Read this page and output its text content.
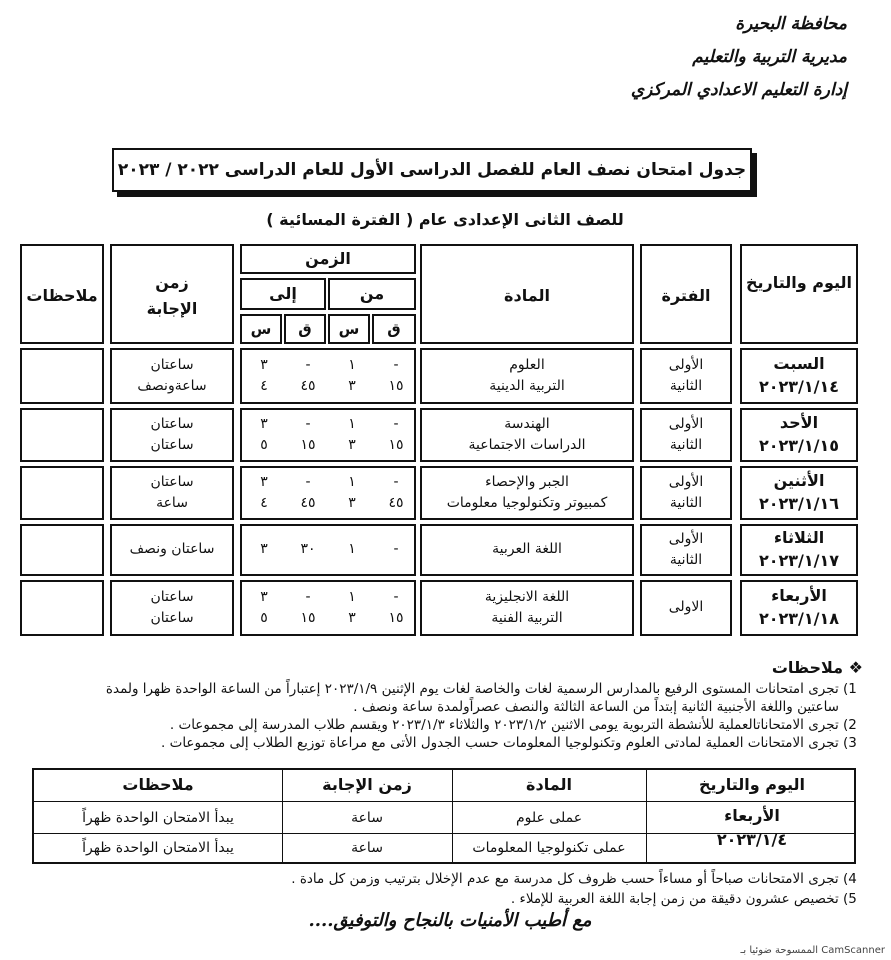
محافظة البحيرة
مديرية التربية والتعليم
إدارة التعليم الاعدادي المركزي
جدول امتحان نصف العام للفصل الدراسى الأول للعام الدراسى ٢٠٢٢ / ٢٠٢٣
للصف الثانى الإعدادى عام ( الفترة المسائية )
اليوم والتاريخ
الفترة
المادة
الزمن
من
إلى
ق
س
ق
س
زمن الإجابة
ملاحظات
السبت
٢٠٢٣/١/١٤
الأولى
الثانية
العلوم
التربية الدينية
-
١
-
٣
١٥
٣
٤٥
٤
ساعتان
ساعةونصف
الأحد
٢٠٢٣/١/١٥
الأولى
الثانية
الهندسة
الدراسات الاجتماعية
-
١
-
٣
١٥
٣
١٥
٥
ساعتان
ساعتان
الأثنين
٢٠٢٣/١/١٦
الأولى
الثانية
الجبر والإحصاء
كمبيوتر وتكنولوجيا معلومات
-
١
-
٣
٤٥
٣
٤٥
٤
ساعتان
ساعة
الثلاثاء
٢٠٢٣/١/١٧
الأولى
الثانية
اللغة العربية
-
١
٣٠
٣
ساعتان ونصف
الأربعاء
٢٠٢٣/١/١٨
الاولى
اللغة الانجليزية
التربية الفنية
-
١
-
٣
١٥
٣
١٥
٥
ساعتان
ساعتان
❖ ملاحظات
1) تجرى امتحانات المستوى الرفيع بالمدارس الرسمية لغات والخاصة لغات يوم الإثنين ٢٠٢٣/١/٩ إعتباراً من الساعة الواحدة ظهرا ولمدة
ساعتين واللغة الأجنبية الثانية إبتداً من الساعة الثالثة والنصف عصراًولمدة ساعة ونصف .
2) تجرى الامتحاناتالعملية للأنشطة التربوية يومى الاثنين ٢٠٢٣/١/٢ والثلاثاء ٢٠٢٣/١/٣ ويقسم طلاب المدرسة إلى مجموعات .
3) تجرى الامتحانات العملية لمادتى العلوم وتكنولوجيا المعلومات حسب الجدول الأتى مع مراعاة توزيع الطلاب إلى مجموعات .
اليوم والتاريخ
المادة
زمن الإجابة
ملاحظات
الأربعاء
٢٠٢٣/١/٤
عملى علوم
ساعة
يبدأ الامتحان الواحدة ظهراً
عملى تكنولوجيا المعلومات
ساعة
يبدأ الامتحان الواحدة ظهراً
4) تجرى الامتحانات صباحاً أو مساءاً حسب ظروف كل مدرسة مع عدم الإخلال بترتيب وزمن كل مادة .
5) تخصيص عشرون دقيقة من زمن إجابة اللغة العربية للإملاء .
مع أطيب الأمنيات بالنجاح والتوفيق....
CamScanner الممسوحة ضوئيا بـ
